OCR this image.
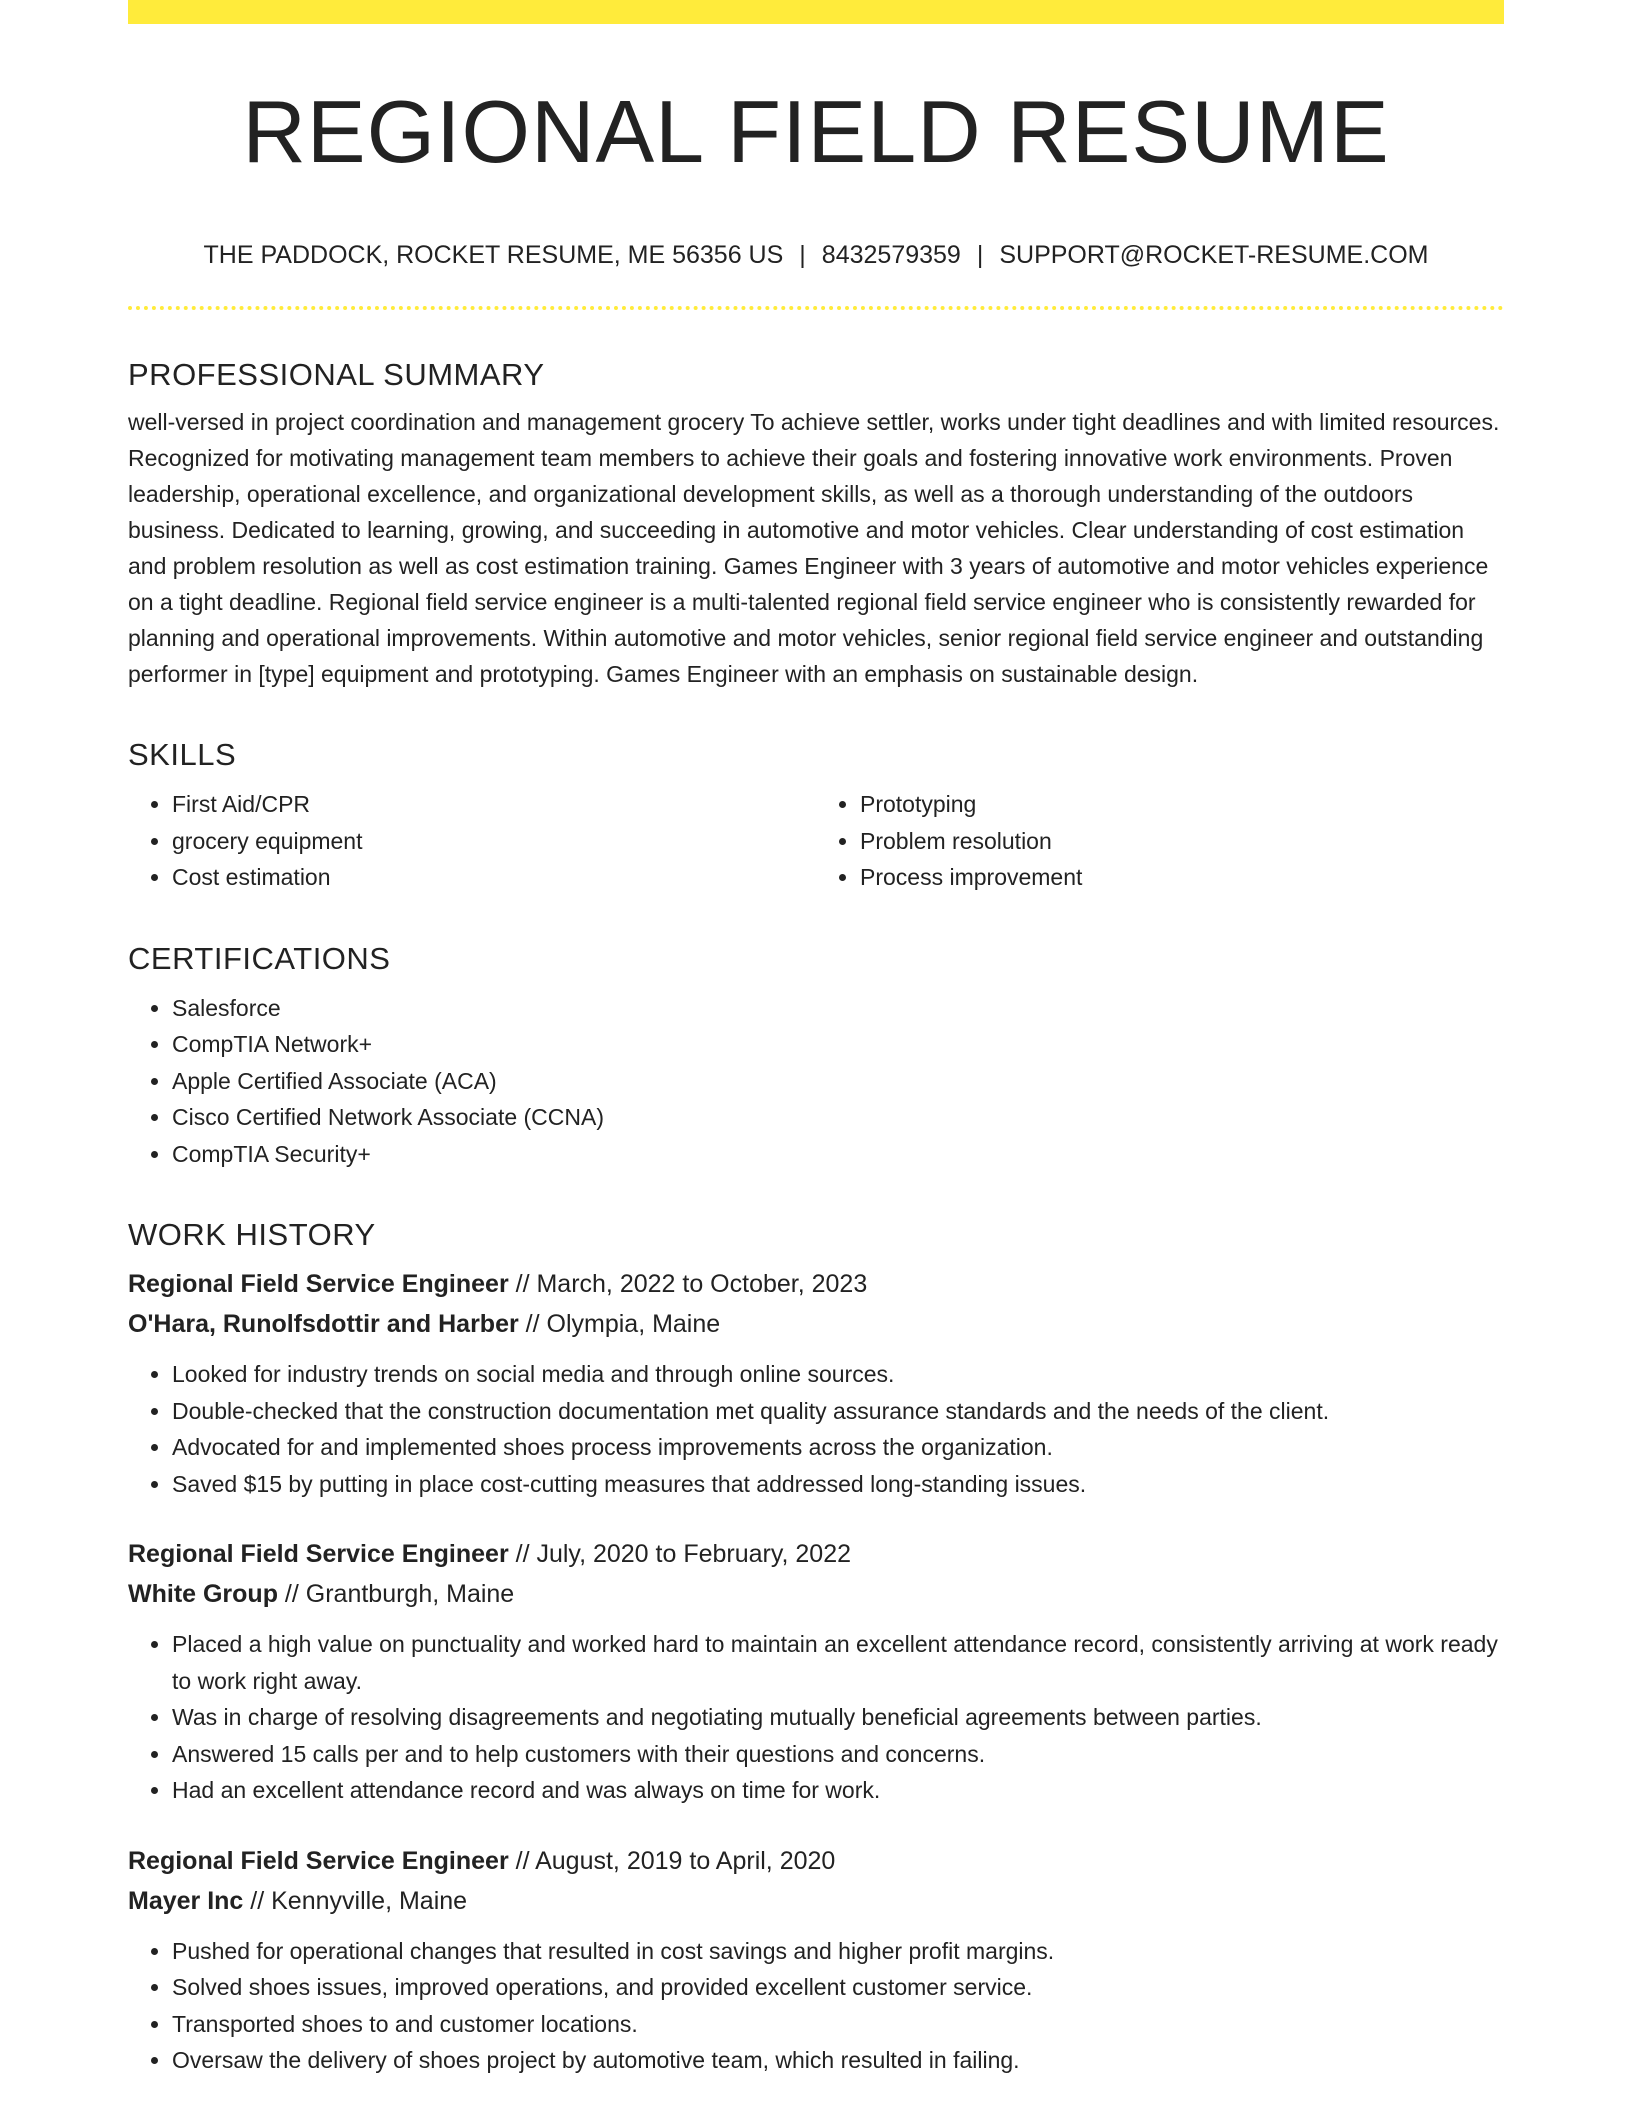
REGIONAL FIELD RESUME
THE PADDOCK, ROCKET RESUME, ME 56356 US | 8432579359 | SUPPORT@ROCKET-RESUME.COM
PROFESSIONAL SUMMARY

well-versed in project coordination and management grocery To achieve settler, works under tight deadlines and with limited resources. Recognized for motivating management team members to achieve their goals and fostering innovative work environments. Proven leadership, operational excellence, and organizational development skills, as well as a thorough understanding of the outdoors business. Dedicated to learning, growing, and succeeding in automotive and motor vehicles. Clear understanding of cost estimation and problem resolution as well as cost estimation training. Games Engineer with 3 years of automotive and motor vehicles experience on a tight deadline. Regional field service engineer is a multi-talented regional field service engineer who is consistently rewarded for planning and operational improvements. Within automotive and motor vehicles, senior regional field service engineer and outstanding performer in [type] equipment and prototyping. Games Engineer with an emphasis on sustainable design.

SKILLS
• First Aid/CPR
• grocery equipment
• Cost estimation
• Prototyping
• Problem resolution
• Process improvement
CERTIFICATIONS
• Salesforce
• CompTIA Network+
• Apple Certified Associate (ACA)
• Cisco Certified Network Associate (CCNA)
• CompTIA Security+
WORK HISTORY

Regional Field Service Engineer // March, 2022 to October, 2023

O'Hara, Runolfsdottir and Harber // Olympia, Maine

• Looked for industry trends on social media and through online sources.
• Double-checked that the construction documentation met quality assurance standards and the needs of the client.
• Advocated for and implemented shoes process improvements across the organization.
• Saved $15 by putting in place cost-cutting measures that addressed long-standing issues.

Regional Field Service Engineer // July, 2020 to February, 2022

White Group // Grantburgh, Maine

• Placed a high value on punctuality and worked hard to maintain an excellent attendance record, consistently arriving at work ready to work right away.
• Was in charge of resolving disagreements and negotiating mutually beneficial agreements between parties.
• Answered 15 calls per and to help customers with their questions and concerns.
• Had an excellent attendance record and was always on time for work.

Regional Field Service Engineer // August, 2019 to April, 2020

Mayer Inc // Kennyville, Maine

• Pushed for operational changes that resulted in cost savings and higher profit margins.
• Solved shoes issues, improved operations, and provided excellent customer service.
• Transported shoes to and customer locations.
• Oversaw the delivery of shoes project by automotive team, which resulted in failing.
